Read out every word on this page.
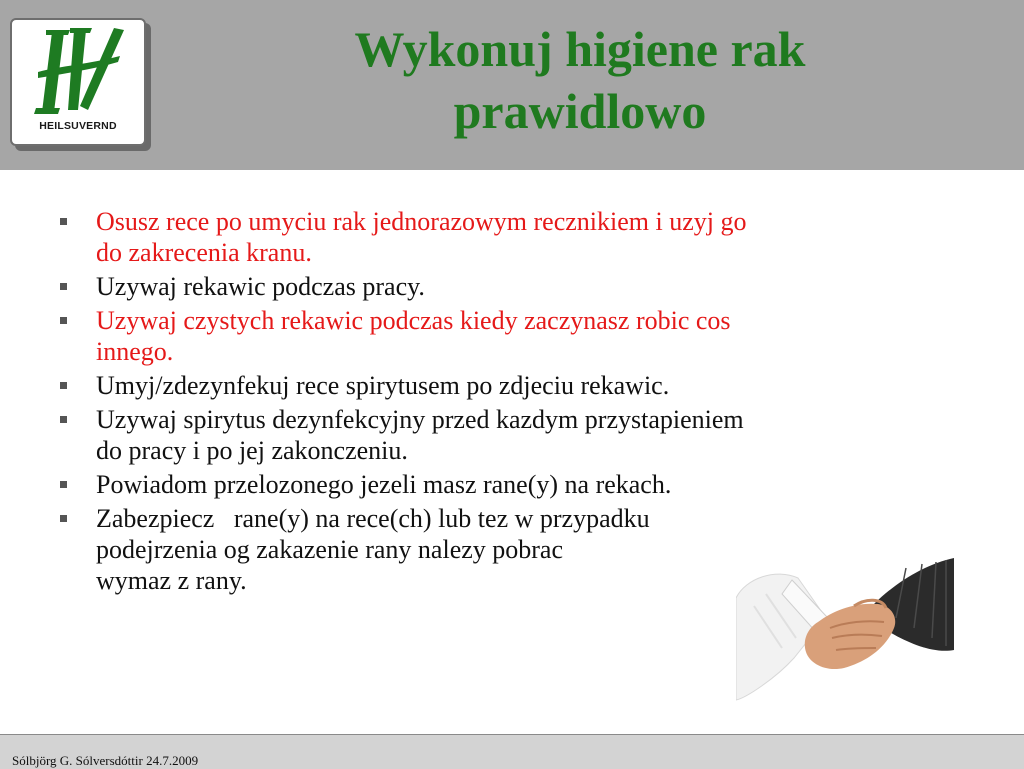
HEILSUVERND
Wykonuj higiene rak
prawidlowo
Osusz rece po umyciu rak jednorazowym recznikiem i uzyj go
do zakrecenia kranu.
Uzywaj rekawic podczas pracy.
Uzywaj czystych rekawic podczas kiedy zaczynasz robic cos
innego.
Umyj/zdezynfekuj rece spirytusem po zdjeciu rekawic.
Uzywaj spirytus dezynfekcyjny przed kazdym przystapieniem
do pracy i po jej zakonczeniu.
Powiadom przelozonego jezeli masz rane(y) na rekach.
Zabezpiecz   rane(y) na rece(ch) lub tez w przypadku
podejrzenia og zakazenie rany nalezy pobrac
wymaz z rany.
Sólbjörg G. Sólversdóttir 24.7.2009
